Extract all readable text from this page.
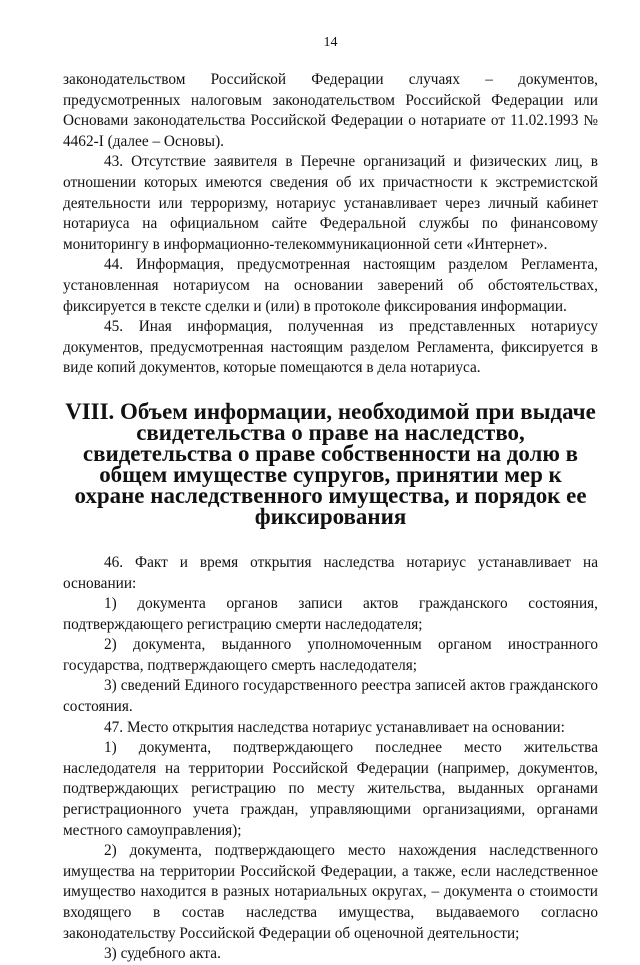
14

законодательством Российской Федерации случаях – документов, предусмотренных налоговым законодательством Российской Федерации или Основами законодательства Российской Федерации о нотариате от 11.02.1993 № 4462-I (далее – Основы).

43. Отсутствие заявителя в Перечне организаций и физических лиц, в отношении которых имеются сведения об их причастности к экстремистской деятельности или терроризму, нотариус устанавливает через личный кабинет нотариуса на официальном сайте Федеральной службы по финансовому мониторингу в информационно-телекоммуникационной сети «Интернет».

44. Информация, предусмотренная настоящим разделом Регламента, установленная нотариусом на основании заверений об обстоятельствах, фиксируется в тексте сделки и (или) в протоколе фиксирования информации.

45. Иная информация, полученная из представленных нотариусу документов, предусмотренная настоящим разделом Регламента, фиксируется в виде копий документов, которые помещаются в дела нотариуса.

VIII. Объем информации, необходимой при выдаче свидетельства о праве на наследство, свидетельства о праве собственности на долю в общем имуществе супругов, принятии мер к охране наследственного имущества, и порядок ее фиксирования

46. Факт и время открытия наследства нотариус устанавливает на основании:

1) документа органов записи актов гражданского состояния, подтверждающего регистрацию смерти наследодателя;

2) документа, выданного уполномоченным органом иностранного государства, подтверждающего смерть наследодателя;

3) сведений Единого государственного реестра записей актов гражданского состояния.

47. Место открытия наследства нотариус устанавливает на основании:

1) документа, подтверждающего последнее место жительства наследодателя на территории Российской Федерации (например, документов, подтверждающих регистрацию по месту жительства, выданных органами регистрационного учета граждан, управляющими организациями, органами местного самоуправления);

2) документа, подтверждающего место нахождения наследственного имущества на территории Российской Федерации, а также, если наследственное имущество находится в разных нотариальных округах, – документа о стоимости входящего в состав наследства имущества, выдаваемого согласно законодательству Российской Федерации об оценочной деятельности;

3) судебного акта.
